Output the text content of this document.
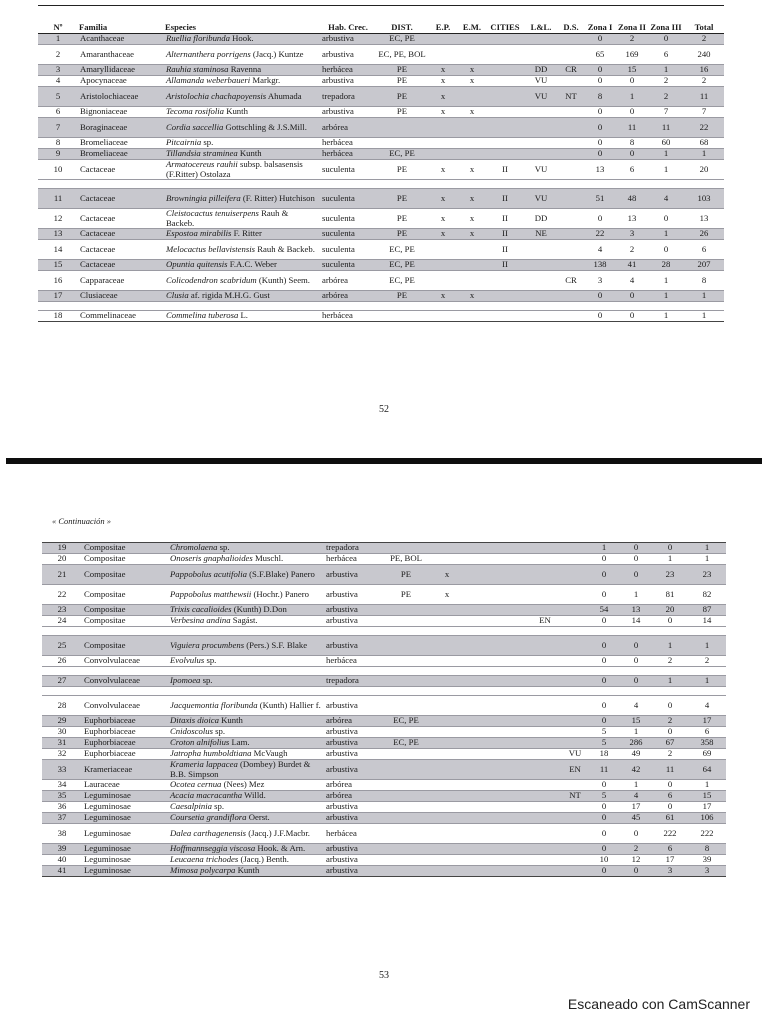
Nº	Familia	Especies	Hab. Crec.	DIST.	E.P.	E.M.	CITIES	L&L.	D.S.	Zona I	Zona II	Zona III	Total
1	Acanthaceae	Ruellia floribunda Hook.	arbustiva	EC, PE						0	2	0	2
2	Amaranthaceae	Alternanthera porrigens (Jacq.) Kuntze	arbustiva	EC, PE, BOL						65	169	6	240
3	Amaryllidaceae	Rauhia staminosa Ravenna	herbácea	PE	x	x		DD	CR	0	15	1	16
4	Apocynaceae	Allamanda weberbaueri Markgr.	arbustiva	PE	x	x		VU		0	0	2	2
5	Aristolochiaceae	Aristolochia chachapoyensis Ahumada	trepadora	PE	x			VU	NT	8	1	2	11
6	Bignoniaceae	Tecoma rosifolia Kunth	arbustiva	PE	x	x				0	0	7	7
7	Boraginaceae	Cordia saccellia Gottschling & J.S.Mill.	arbórea							0	11	11	22
8	Bromeliaceae	Pitcairnia sp.	herbácea							0	8	60	68
9	Bromeliaceae	Tillandsia straminea Kunth	herbácea	EC, PE						0	0	1	1
10	Cactaceae	Armatocereus rauhii subsp. balsasensis (F.Ritter) Ostolaza	suculenta	PE	x	x	II	VU		13	6	1	20

11	Cactaceae	Browningia pilleifera (F. Ritter) Hutchison	suculenta	PE	x	x	II	VU		51	48	4	103
12	Cactaceae	Cleistocactus tenuiserpens Rauh & Backeb.	suculenta	PE	x	x	II	DD		0	13	0	13
13	Cactaceae	Espostoa mirabilis F. Ritter	suculenta	PE	x	x	II	NE		22	3	1	26
14	Cactaceae	Melocactus bellavistensis Rauh & Backeb.	suculenta	EC, PE			II			4	2	0	6
15	Cactaceae	Opuntia quitensis F.A.C. Weber	suculenta	EC, PE			II			138	41	28	207
16	Capparaceae	Colicodendron scabridum (Kunth) Seem.	arbórea	EC, PE					CR	3	4	1	8
17	Clusiaceae	Clusia af. rigida M.H.G. Gust	arbórea	PE	x	x				0	0	1	1

18	Commelinaceae	Commelina tuberosa L.	herbácea							0	0	1	1
52
« Continuación »
19	Compositae	Chromolaena sp.	trepadora							1	0	0	1
20	Compositae	Onoseris gnaphalioides Muschl.	herbácea	PE, BOL						0	0	1	1
21	Compositae	Pappobolus acutifolia (S.F.Blake) Panero	arbustiva	PE	x					0	0	23	23
22	Compositae	Pappobolus matthewsii (Hochr.) Panero	arbustiva	PE	x					0	1	81	82
23	Compositae	Trixis cacalioides (Kunth) D.Don	arbustiva							54	13	20	87
24	Compositae	Verbesina andina Sagást.	arbustiva					EN		0	14	0	14

25	Compositae	Viguiera procumbens (Pers.) S.F. Blake	arbustiva							0	0	1	1
26	Convolvulaceae	Evolvulus sp.	herbácea							0	0	2	2

27	Convolvulaceae	Ipomoea sp.	trepadora							0	0	1	1

28	Convolvulaceae	Jacquemontia floribunda (Kunth) Hallier f.	arbustiva							0	4	0	4
29	Euphorbiaceae	Ditaxis dioica Kunth	arbórea	EC, PE						0	15	2	17
30	Euphorbiaceae	Cnidoscolus sp.	arbustiva							5	1	0	6
31	Euphorbiaceae	Croton alnifolius Lam.	arbustiva	EC, PE						5	286	67	358
32	Euphorbiaceae	Jatropha humboldtiana McVaugh	arbustiva						VU	18	49	2	69
33	Krameriaceae	Krameria lappacea (Dombey) Burdet & B.B. Simpson	arbustiva						EN	11	42	11	64
34	Lauraceae	Ocotea cernua (Nees) Mez	arbórea							0	1	0	1
35	Leguminosae	Acacia macracantha Willd.	arbórea						NT	5	4	6	15
36	Leguminosae	Caesalpinia sp.	arbustiva							0	17	0	17
37	Leguminosae	Coursetia grandiflora Oerst.	arbustiva							0	45	61	106
38	Leguminosae	Dalea carthagenensis (Jacq.) J.F.Macbr.	herbácea							0	0	222	222
39	Leguminosae	Hoffmannseggia viscosa Hook. & Arn.	arbustiva							0	2	6	8
40	Leguminosae	Leucaena trichodes (Jacq.) Benth.	arbustiva							10	12	17	39
41	Leguminosae	Mimosa polycarpa Kunth	arbustiva							0	0	3	3
53
Escaneado con CamScanner
